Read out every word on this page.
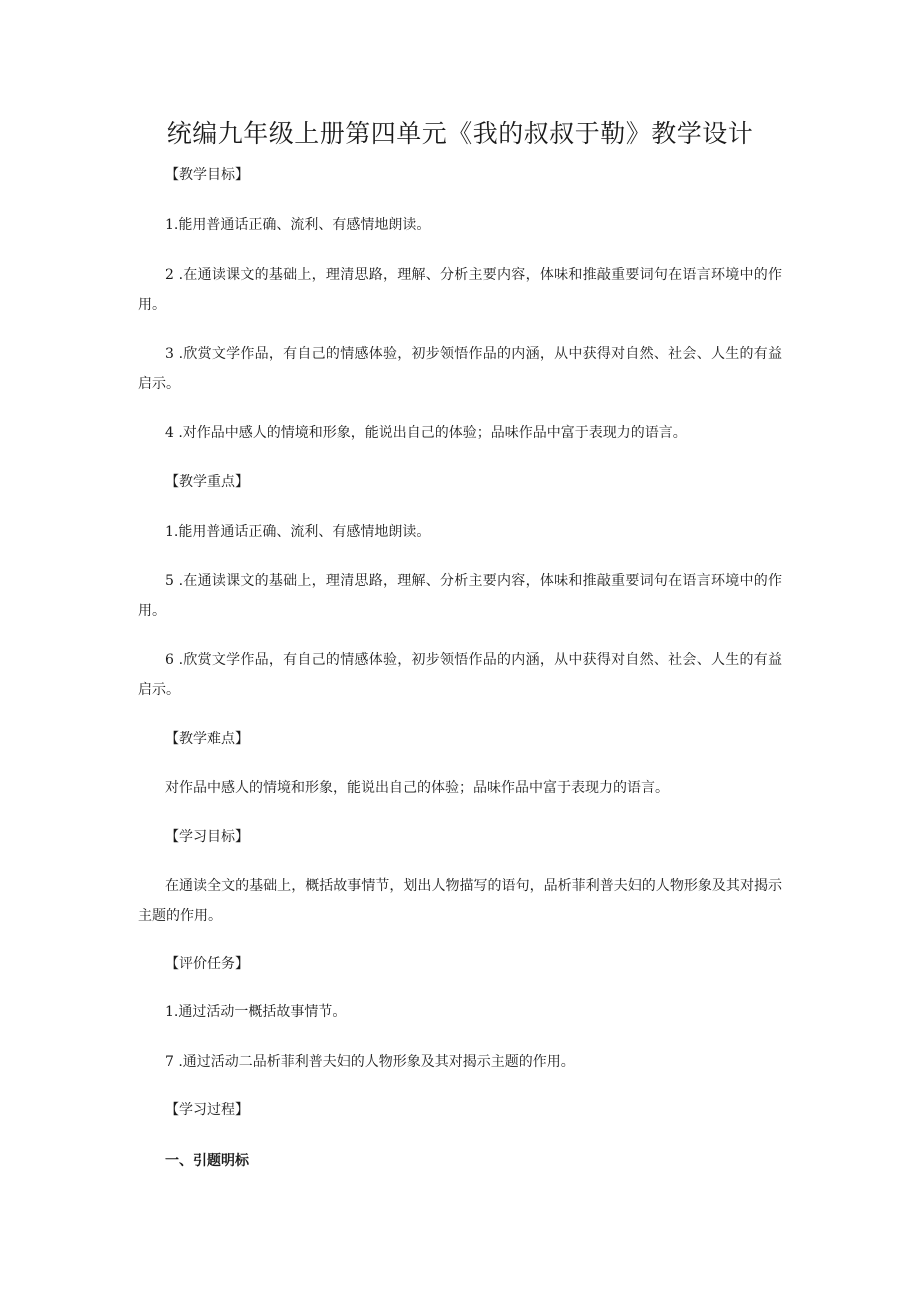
统编九年级上册第四单元《我的叔叔于勒》教学设计
【教学目标】
1.能用普通话正确、流利、有感情地朗读。
2 .在通读课文的基础上，理清思路，理解、分析主要内容，体味和推敲重要词句在语言环境中的作用。
3 .欣赏文学作品，有自己的情感体验，初步领悟作品的内涵，从中获得对自然、社会、人生的有益启示。
4 .对作品中感人的情境和形象，能说出自己的体验；品味作品中富于表现力的语言。
【教学重点】
1.能用普通话正确、流利、有感情地朗读。
5 .在通读课文的基础上，理清思路，理解、分析主要内容，体味和推敲重要词句在语言环境中的作用。
6 .欣赏文学作品，有自己的情感体验，初步领悟作品的内涵，从中获得对自然、社会、人生的有益启示。
【教学难点】
对作品中感人的情境和形象，能说出自己的体验；品味作品中富于表现力的语言。
【学习目标】
在通读全文的基础上，概括故事情节，划出人物描写的语句，品析菲利普夫妇的人物形象及其对揭示主题的作用。
【评价任务】
1.通过活动一概括故事情节。
7 .通过活动二品析菲利普夫妇的人物形象及其对揭示主题的作用。
【学习过程】
一、引题明标
